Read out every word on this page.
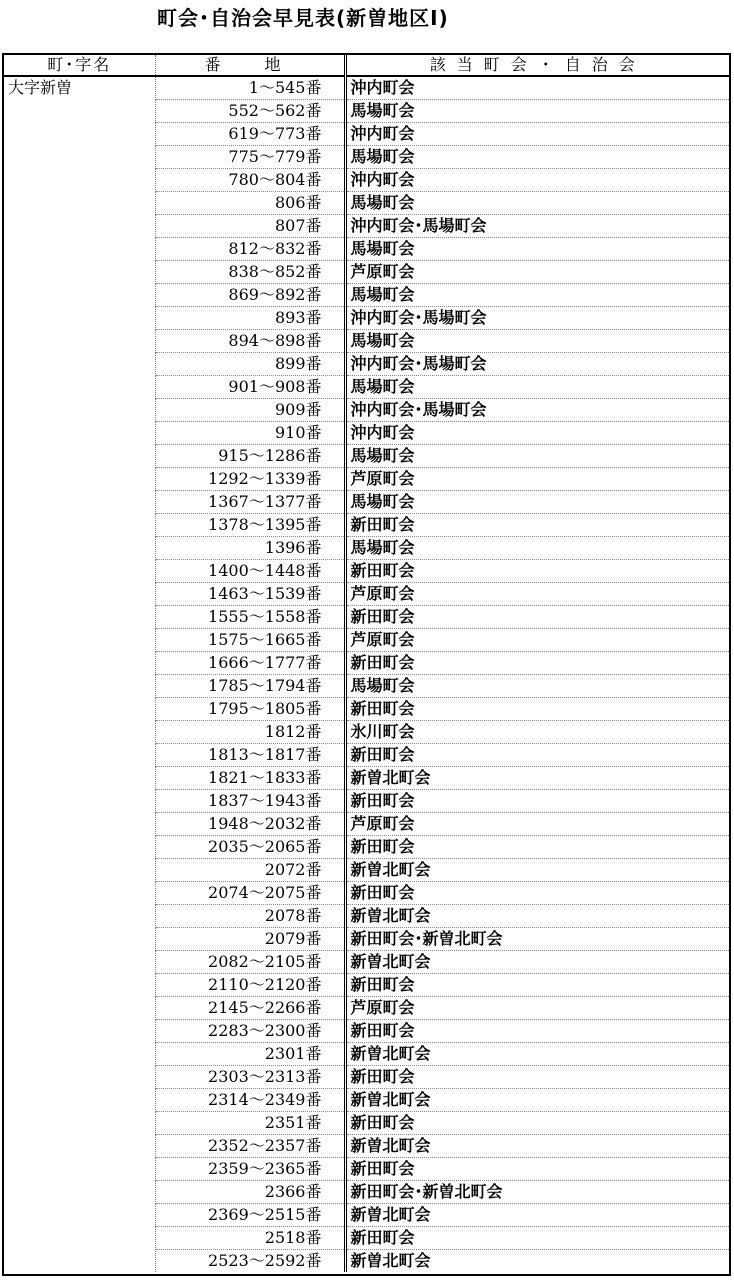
町会･自治会早見表(新曽地区Ⅰ)
町･字名	番　地	該当町会・自治会
大字新曽	1～545番	沖内町会
	552～562番	馬場町会
	619～773番	沖内町会
	775～779番	馬場町会
	780～804番	沖内町会
	806番	馬場町会
	807番	沖内町会･馬場町会
	812～832番	馬場町会
	838～852番	芦原町会
	869～892番	馬場町会
	893番	沖内町会･馬場町会
	894～898番	馬場町会
	899番	沖内町会･馬場町会
	901～908番	馬場町会
	909番	沖内町会･馬場町会
	910番	沖内町会
	915～1286番	馬場町会
	1292～1339番	芦原町会
	1367～1377番	馬場町会
	1378～1395番	新田町会
	1396番	馬場町会
	1400～1448番	新田町会
	1463～1539番	芦原町会
	1555～1558番	新田町会
	1575～1665番	芦原町会
	1666～1777番	新田町会
	1785～1794番	馬場町会
	1795～1805番	新田町会
	1812番	氷川町会
	1813～1817番	新田町会
	1821～1833番	新曽北町会
	1837～1943番	新田町会
	1948～2032番	芦原町会
	2035～2065番	新田町会
	2072番	新曽北町会
	2074～2075番	新田町会
	2078番	新曽北町会
	2079番	新田町会･新曽北町会
	2082～2105番	新曽北町会
	2110～2120番	新田町会
	2145～2266番	芦原町会
	2283～2300番	新田町会
	2301番	新曽北町会
	2303～2313番	新田町会
	2314～2349番	新曽北町会
	2351番	新田町会
	2352～2357番	新曽北町会
	2359～2365番	新田町会
	2366番	新田町会･新曽北町会
	2369～2515番	新曽北町会
	2518番	新田町会
	2523～2592番	新曽北町会
